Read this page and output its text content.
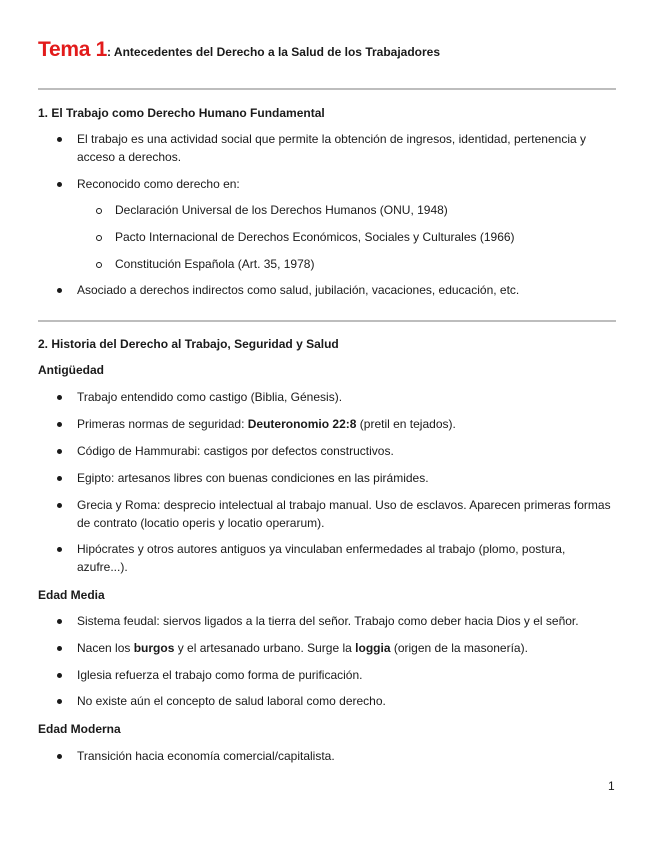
Tema 1: Antecedentes del Derecho a la Salud de los Trabajadores
1. El Trabajo como Derecho Humano Fundamental
El trabajo es una actividad social que permite la obtención de ingresos, identidad, pertenencia y acceso a derechos.
Reconocido como derecho en:
Declaración Universal de los Derechos Humanos (ONU, 1948)
Pacto Internacional de Derechos Económicos, Sociales y Culturales (1966)
Constitución Española (Art. 35, 1978)
Asociado a derechos indirectos como salud, jubilación, vacaciones, educación, etc.
2. Historia del Derecho al Trabajo, Seguridad y Salud
Antigüedad
Trabajo entendido como castigo (Biblia, Génesis).
Primeras normas de seguridad: Deuteronomio 22:8 (pretil en tejados).
Código de Hammurabi: castigos por defectos constructivos.
Egipto: artesanos libres con buenas condiciones en las pirámides.
Grecia y Roma: desprecio intelectual al trabajo manual. Uso de esclavos. Aparecen primeras formas de contrato (locatio operis y locatio operarum).
Hipócrates y otros autores antiguos ya vinculaban enfermedades al trabajo (plomo, postura, azufre...).
Edad Media
Sistema feudal: siervos ligados a la tierra del señor. Trabajo como deber hacia Dios y el señor.
Nacen los burgos y el artesanado urbano. Surge la loggia (origen de la masonería).
Iglesia refuerza el trabajo como forma de purificación.
No existe aún el concepto de salud laboral como derecho.
Edad Moderna
Transición hacia economía comercial/capitalista.
1
